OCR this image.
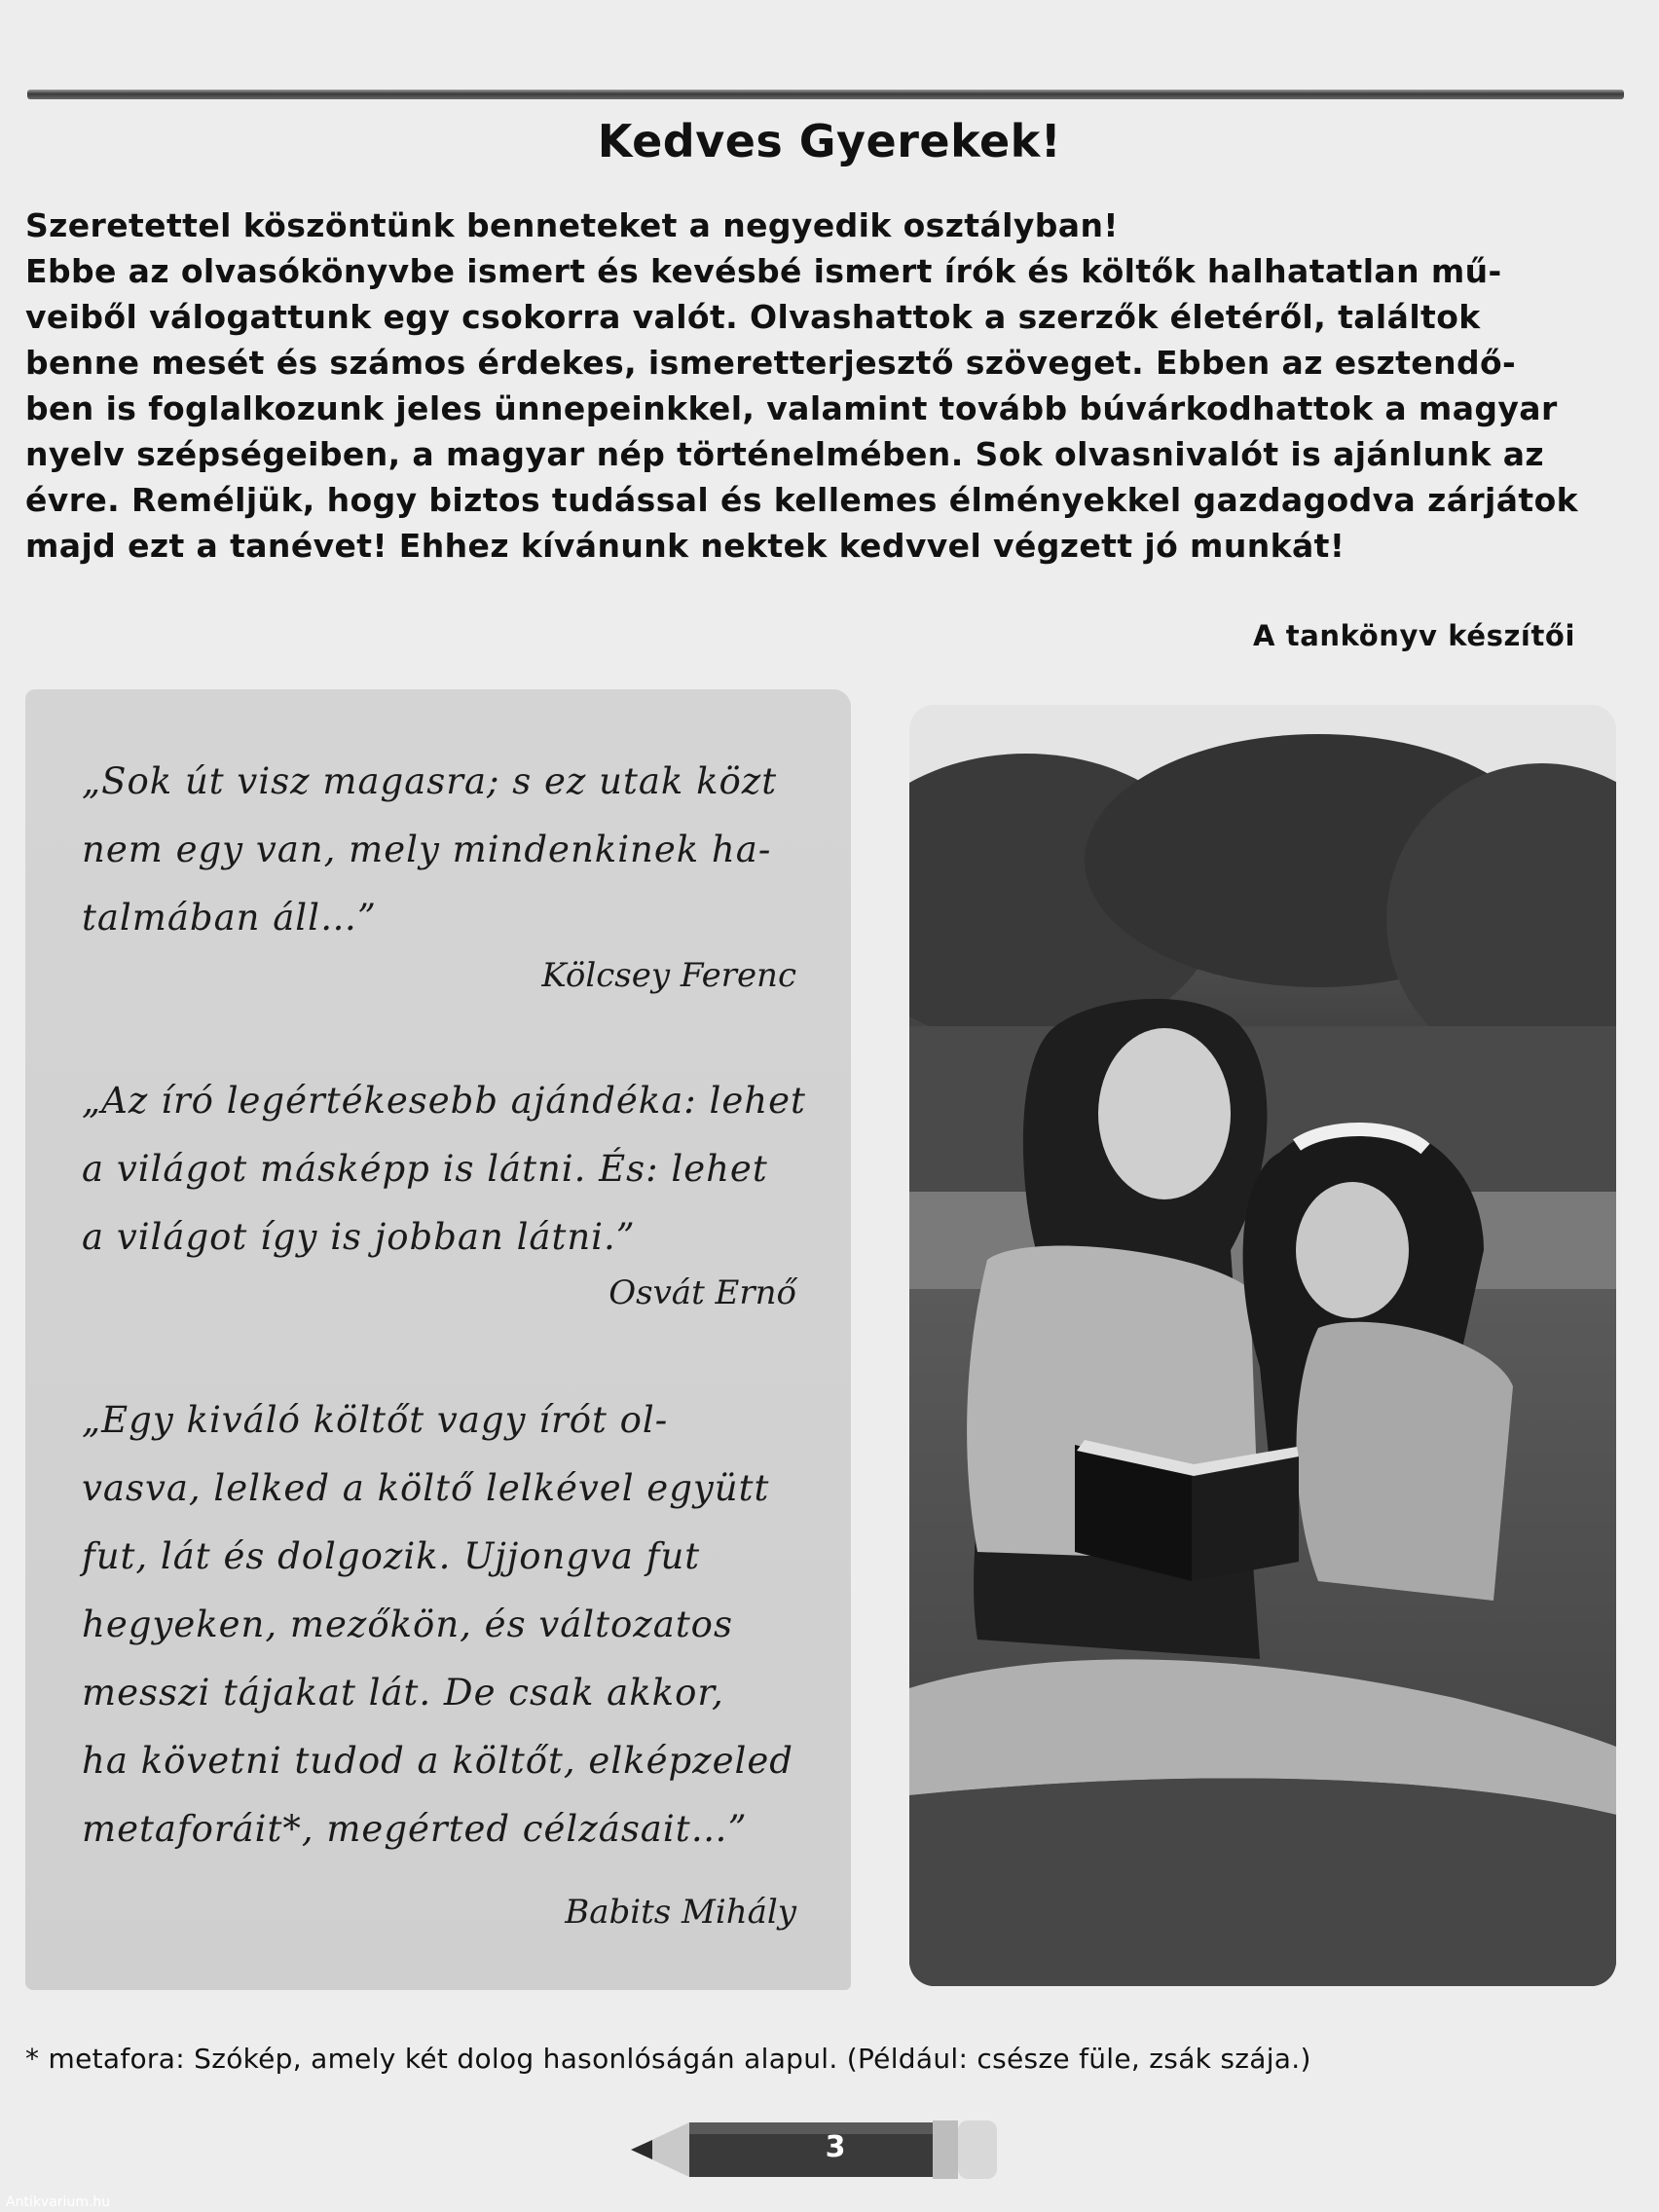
Kedves Gyerekek!

Szeretettel köszöntünk benneteket a negyedik osztályban!
Ebbe az olvasókönyvbe ismert és kevésbé ismert írók és költők halhatatlan mű-
veiből válogattunk egy csokorra valót. Olvashattok a szerzők életéről, találtok
benne mesét és számos érdekes, ismeretterjesztő szöveget. Ebben az esztendő-
ben is foglalkozunk jeles ünnepeinkkel, valamint tovább búvárkodhattok a magyar
nyelv szépségeiben, a magyar nép történelmében. Sok olvasnivalót is ajánlunk az
évre. Reméljük, hogy biztos tudással és kellemes élményekkel gazdagodva zárjátok
majd ezt a tanévet! Ehhez kívánunk nektek kedvvel végzett jó munkát!

A tankönyv készítői
„Sok út visz magasra; s ez utak közt
nem egy van, mely mindenkinek ha-
talmában áll…”
Kölcsey Ferenc
„Az író legértékesebb ajándéka: lehet
a világot másképp is látni. És: lehet
a világot így is jobban látni.”
Osvát Ernő
„Egy kiváló költőt vagy írót ol-
vasva, lelked a költő lelkével együtt
fut, lát és dolgozik. Ujjongva fut
hegyeken, mezőkön, és változatos
messzi tájakat lát. De csak akkor,
ha követni tudod a költőt, elképzeled
metaforáit*, megérted célzásait…”
Babits Mihály
* metafora: Szókép, amely két dolog hasonlóságán alapul. (Például: csésze füle, zsák szája.)
3
Antikvarium.hu
